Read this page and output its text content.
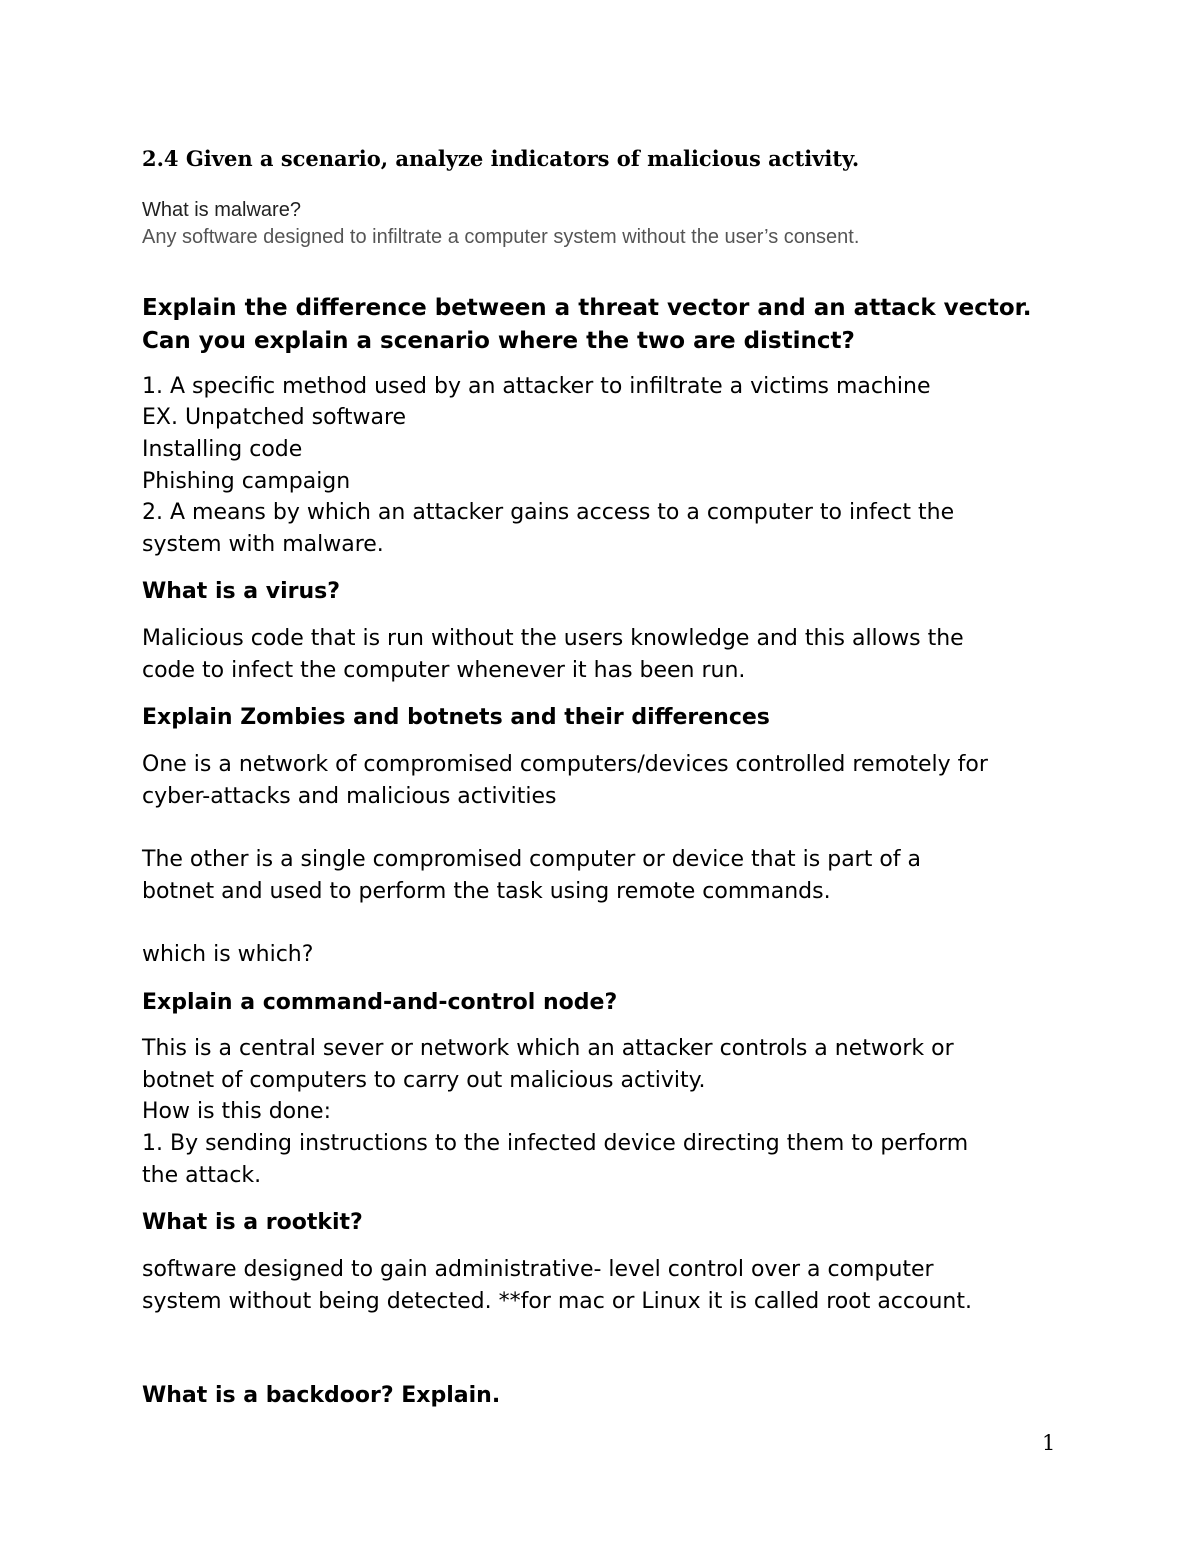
2.4 Given a scenario, analyze indicators of malicious activity.

What is malware?

Any software designed to infiltrate a computer system without the user’s consent.

Explain the difference between a threat vector and an attack vector.

Can you explain a scenario where the two are distinct?

1. A specific method used by an attacker to infiltrate a victims machine

EX. Unpatched software

Installing code

Phishing campaign

2. A means by which an attacker gains access to a computer to infect the

system with malware.

What is a virus?

Malicious code that is run without the users knowledge and this allows the

code to infect the computer whenever it has been run.

Explain Zombies and botnets and their differences

One is a network of compromised computers/devices controlled remotely for

cyber-attacks and malicious activities

The other is a single compromised computer or device that is part of a

botnet and used to perform the task using remote commands.

which is which?

Explain a command-and-control node?

This is a central sever or network which an attacker controls a network or

botnet of computers to carry out malicious activity.

How is this done:

1. By sending instructions to the infected device directing them to perform

the attack.

What is a rootkit?

software designed to gain administrative- level control over a computer

system without being detected. **for mac or Linux it is called root account.

What is a backdoor? Explain.

1
